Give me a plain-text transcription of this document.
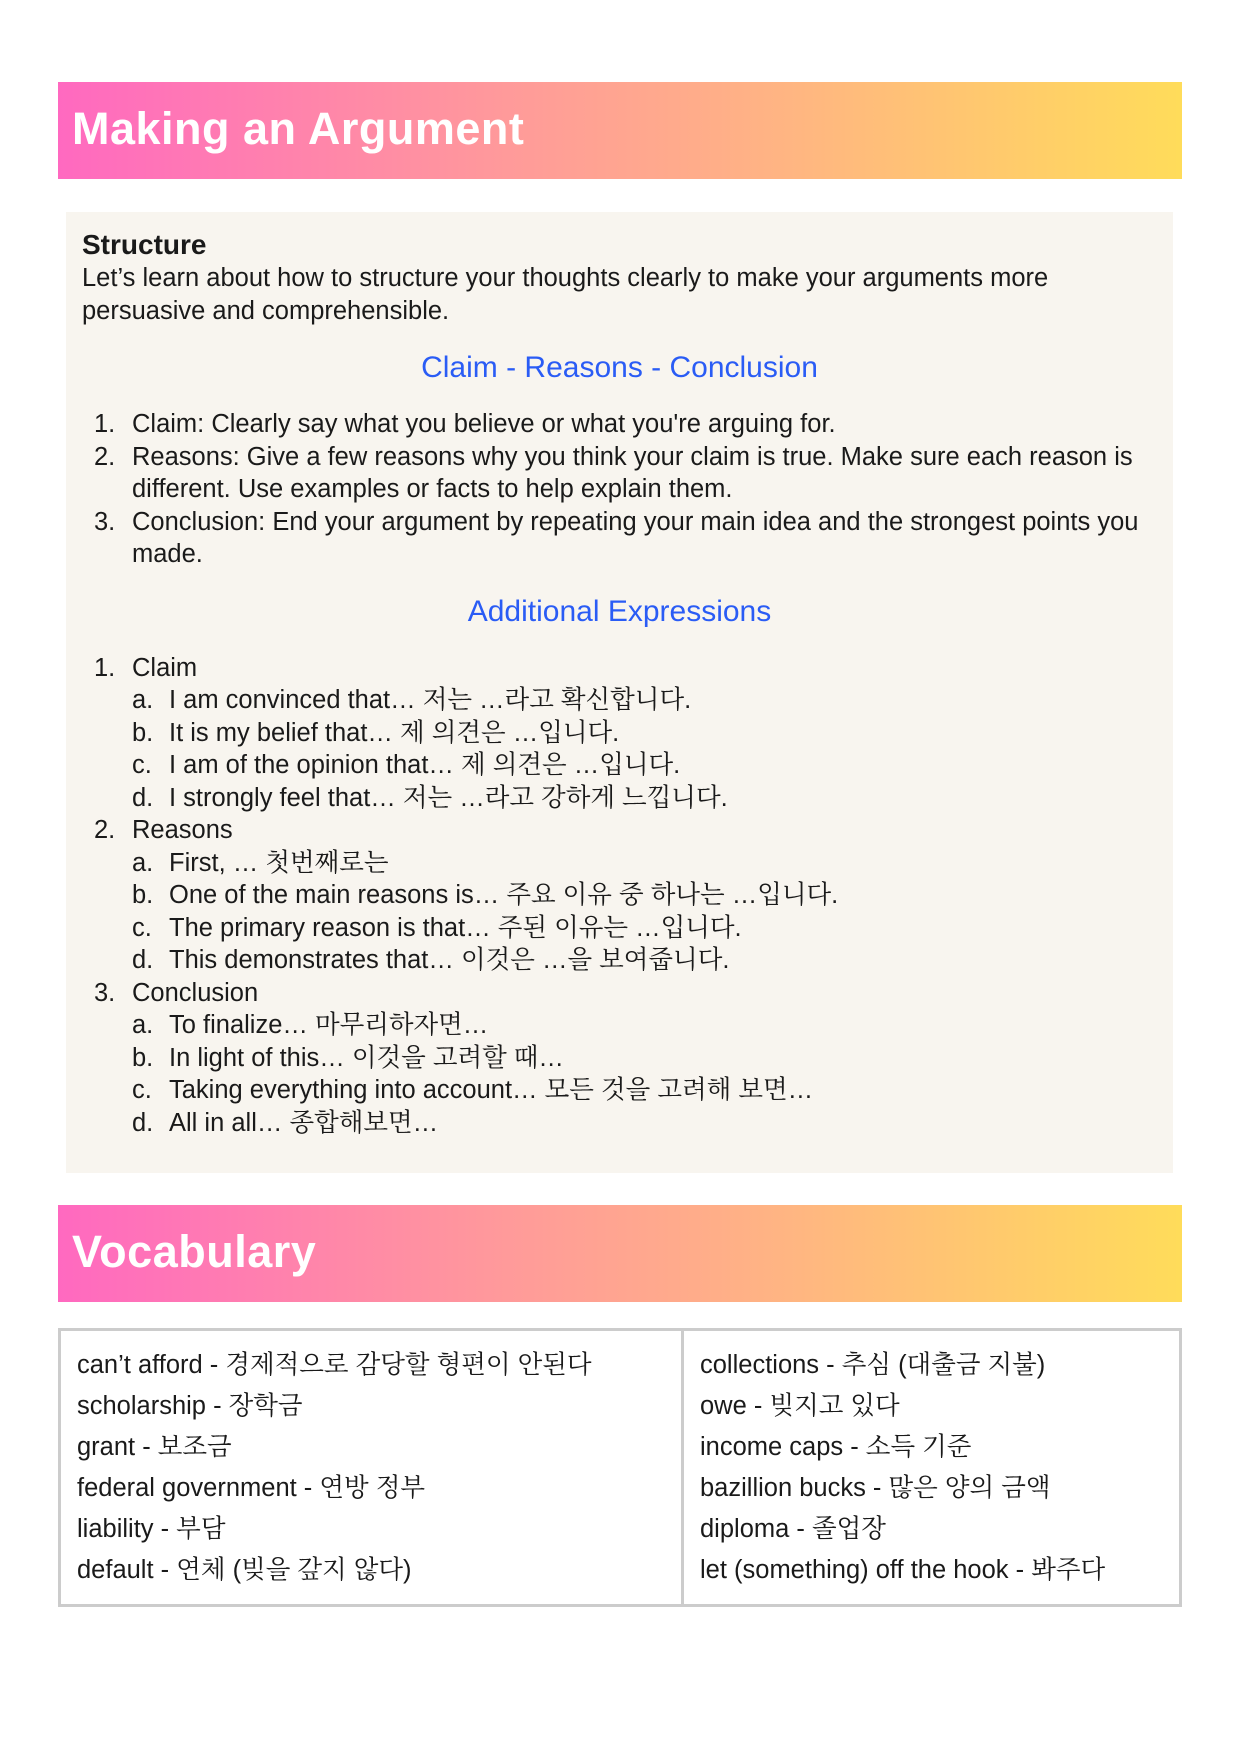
Making an Argument
Structure

Let’s learn about how to structure your thoughts clearly to make your arguments more persuasive and comprehensible.

Claim - Reasons - Conclusion
1. Claim: Clearly say what you believe or what you're arguing for.
2. Reasons: Give a few reasons why you think your claim is true. Make sure each reason is different. Use examples or facts to help explain them.
3. Conclusion: End your argument by repeating your main idea and the strongest points you made.
Additional Expressions
1. Claim
a. I am convinced that… 저는 …라고 확신합니다.
b. It is my belief that… 제 의견은 …입니다.
c. I am of the opinion that… 제 의견은 …입니다.
d. I strongly feel that… 저는 …라고 강하게 느낍니다.
2. Reasons
a. First, … 첫번째로는
b. One of the main reasons is… 주요 이유 중 하나는 …입니다.
c. The primary reason is that… 주된 이유는 …입니다.
d. This demonstrates that… 이것은 …을 보여줍니다.
3. Conclusion
a. To finalize… 마무리하자면…
b. In light of this… 이것을 고려할 때…
c. Taking everything into account… 모든 것을 고려해 보면…
d. All in all… 종합해보면…
Vocabulary
can’t afford - 경제적으로 감당할 형편이 안된다
scholarship - 장학금
grant - 보조금
federal government - 연방 정부
liability - 부담
default - 연체 (빚을 갚지 않다)
collections - 추심 (대출금 지불)
owe - 빚지고 있다
income caps - 소득 기준
bazillion bucks - 많은 양의 금액
diploma - 졸업장
let (something) off the hook - 봐주다
